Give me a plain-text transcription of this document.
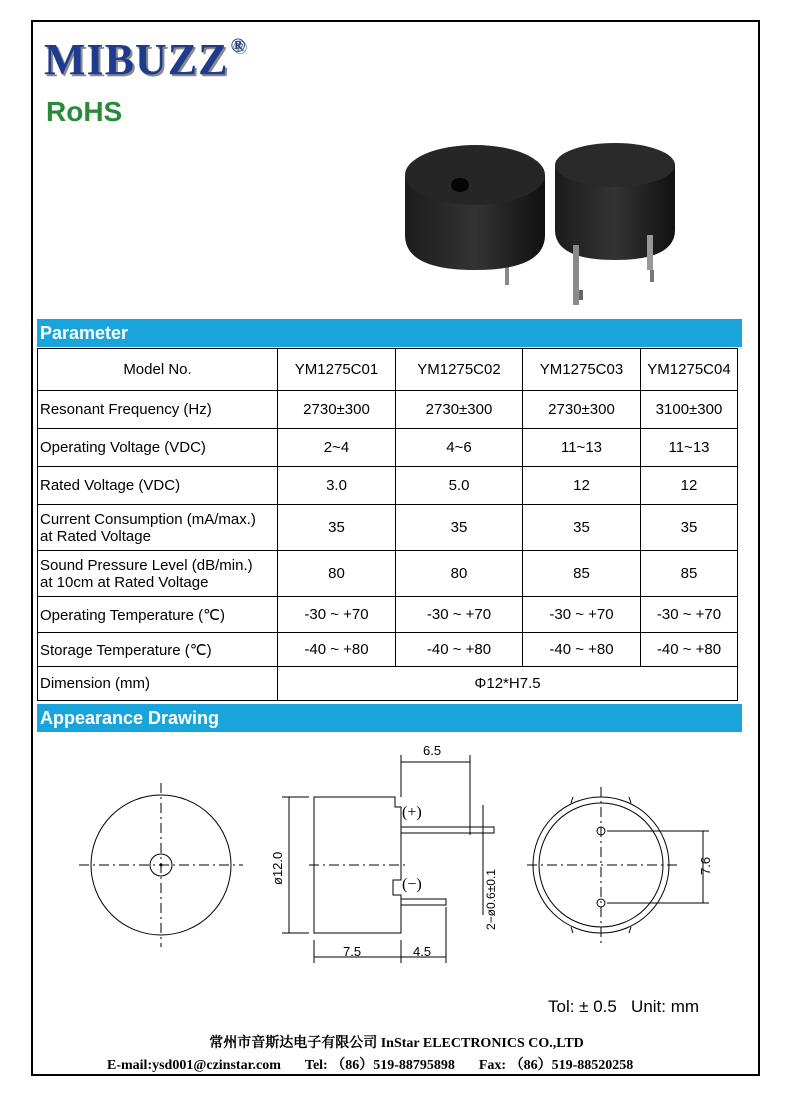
MIBUZZ ®
RoHS
Parameter
Model No.	YM1275C01	YM1275C02	YM1275C03	YM1275C04
Resonant Frequency (Hz)	2730±300	2730±300	2730±300	3100±300
Operating Voltage (VDC)	2~4	4~6	11~13	11~13
Rated Voltage (VDC)	3.0	5.0	12	12
Current Consumption (mA/max.)
at Rated Voltage	35	35	35	35
Sound Pressure Level (dB/min.)
at 10cm at Rated Voltage	80	80	85	85
Operating Temperature (℃)	-30 ~ +70	-30 ~ +70	-30 ~ +70	-30 ~ +70
Storage Temperature (℃)	-40 ~ +80	-40 ~ +80	-40 ~ +80	-40 ~ +80
Dimension (mm)	Φ12*H7.5			
Appearance Drawing
6.5
(+)
(−)
7.5	4.5
ø12.0
2−ø0.6±0.1
7.6
Tol: ± 0.5 Unit: mm
常州市音斯达电子有限公司 InStar ELECTRONICS CO.,LTD
E-mail:ysd001@czinstar.com Tel: （86）519-88795898 Fax: （86）519-88520258
